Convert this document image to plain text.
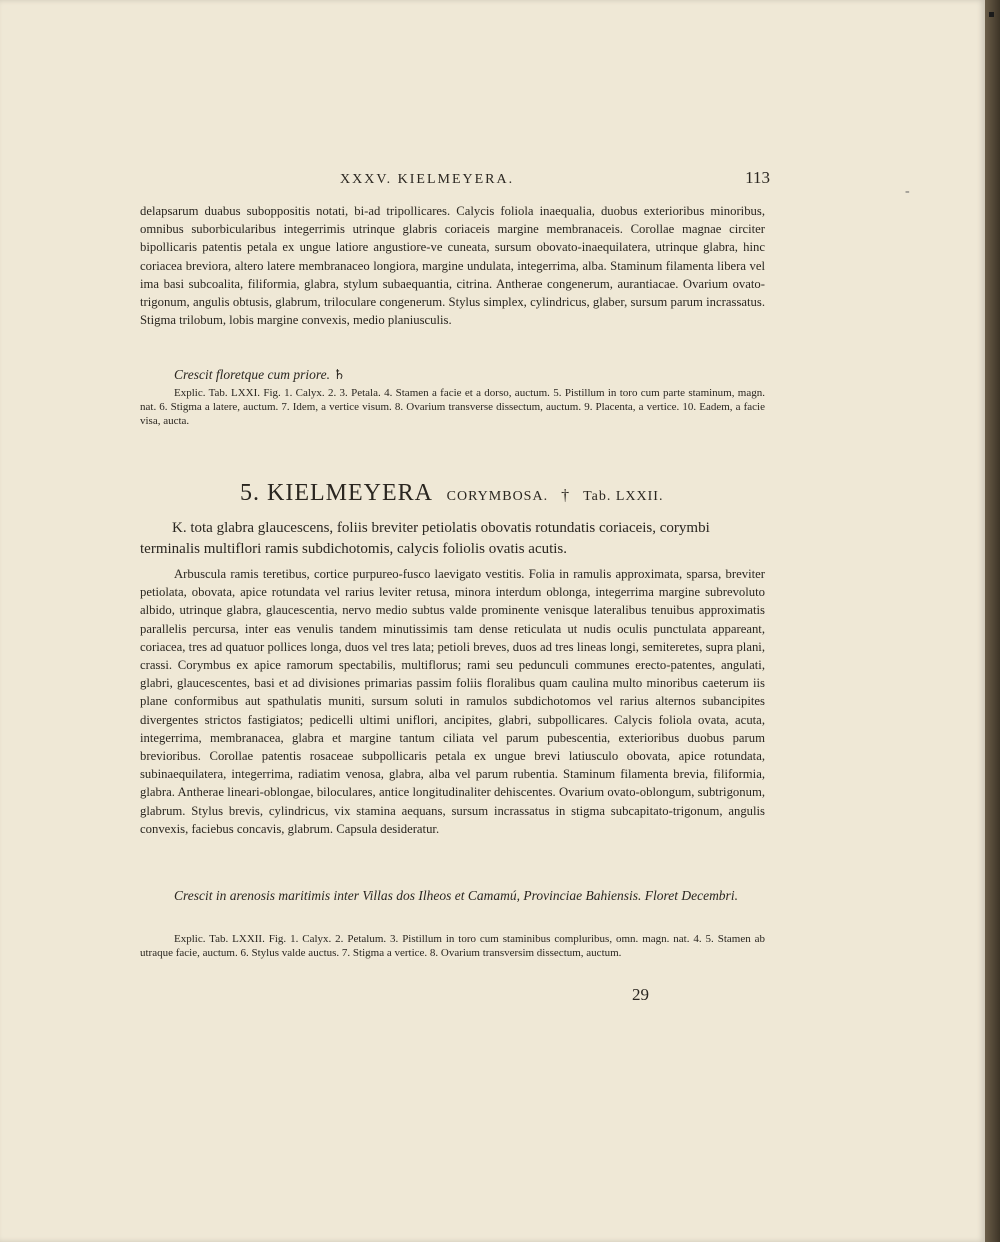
-
XXXV. KIELMEYERA.	113
delapsarum duabus suboppositis notati, bi-ad tripollicares. Calycis foliola inaequalia, duobus exterioribus minoribus, omnibus suborbicularibus integerrimis utrinque glabris coriaceis margine membranaceis. Corollae magnae circiter bipollicaris patentis petala ex ungue latiore angustiore-ve cuneata, sursum obovato-inaequilatera, utrinque glabra, hinc coriacea breviora, altero latere membranaceo longiora, margine undulata, integerrima, alba. Staminum filamenta libera vel ima basi subcoalita, filiformia, glabra, stylum subaequantia, citrina. Antherae congenerum, aurantiacae. Ovarium ovato-trigonum, angulis obtusis, glabrum, triloculare congenerum. Stylus simplex, cylindricus, glaber, sursum parum incrassatus. Stigma trilobum, lobis margine convexis, medio planiusculis.
Crescit floretque cum priore. ♄
Explic. Tab. LXXI. Fig. 1. Calyx. 2. 3. Petala. 4. Stamen a facie et a dorso, auctum. 5. Pistillum in toro cum parte staminum, magn. nat. 6. Stigma a latere, auctum. 7. Idem, a vertice visum. 8. Ovarium transverse dissectum, auctum. 9. Placenta, a vertice. 10. Eadem, a facie visa, aucta.
5. KIELMEYERA CORYMBOSA. † Tab. LXXII.
K. tota glabra glaucescens, foliis breviter petiolatis obovatis rotundatis coriaceis, corymbi terminalis multiflori ramis subdichotomis, calycis foliolis ovatis acutis.
Arbuscula ramis teretibus, cortice purpureo-fusco laevigato vestitis. Folia in ramulis approximata, sparsa, breviter petiolata, obovata, apice rotundata vel rarius leviter retusa, minora interdum oblonga, integerrima margine subrevoluto albido, utrinque glabra, glaucescentia, nervo medio subtus valde prominente venisque lateralibus tenuibus approximatis parallelis percursa, inter eas venulis tandem minutissimis tam dense reticulata ut nudis oculis punctulata appareant, coriacea, tres ad quatuor pollices longa, duos vel tres lata; petioli breves, duos ad tres lineas longi, semiteretes, supra plani, crassi. Corymbus ex apice ramorum spectabilis, multiflorus; rami seu pedunculi communes erecto-patentes, angulati, glabri, glaucescentes, basi et ad divisiones primarias passim foliis floralibus quam caulina multo minoribus caeterum iis plane conformibus aut spathulatis muniti, sursum soluti in ramulos subdichotomos vel rarius alternos subancipites divergentes strictos fastigiatos; pedicelli ultimi uniflori, ancipites, glabri, subpollicares. Calycis foliola ovata, acuta, integerrima, membranacea, glabra et margine tantum ciliata vel parum pubescentia, exterioribus duobus parum brevioribus. Corollae patentis rosaceae subpollicaris petala ex ungue brevi latiusculo obovata, apice rotundata, subinaequilatera, integerrima, radiatim venosa, glabra, alba vel parum rubentia. Staminum filamenta brevia, filiformia, glabra. Antherae lineari-oblongae, biloculares, antice longitudinaliter dehiscentes. Ovarium ovato-oblongum, subtrigonum, glabrum. Stylus brevis, cylindricus, vix stamina aequans, sursum incrassatus in stigma subcapitato-trigonum, angulis convexis, faciebus concavis, glabrum. Capsula desideratur.
Crescit in arenosis maritimis inter Villas dos Ilheos et Camamú, Provinciae Bahiensis. Floret Decembri.
Explic. Tab. LXXII. Fig. 1. Calyx. 2. Petalum. 3. Pistillum in toro cum staminibus compluribus, omn. magn. nat. 4. 5. Stamen ab utraque facie, auctum. 6. Stylus valde auctus. 7. Stigma a vertice. 8. Ovarium transversim dissectum, auctum.
29
